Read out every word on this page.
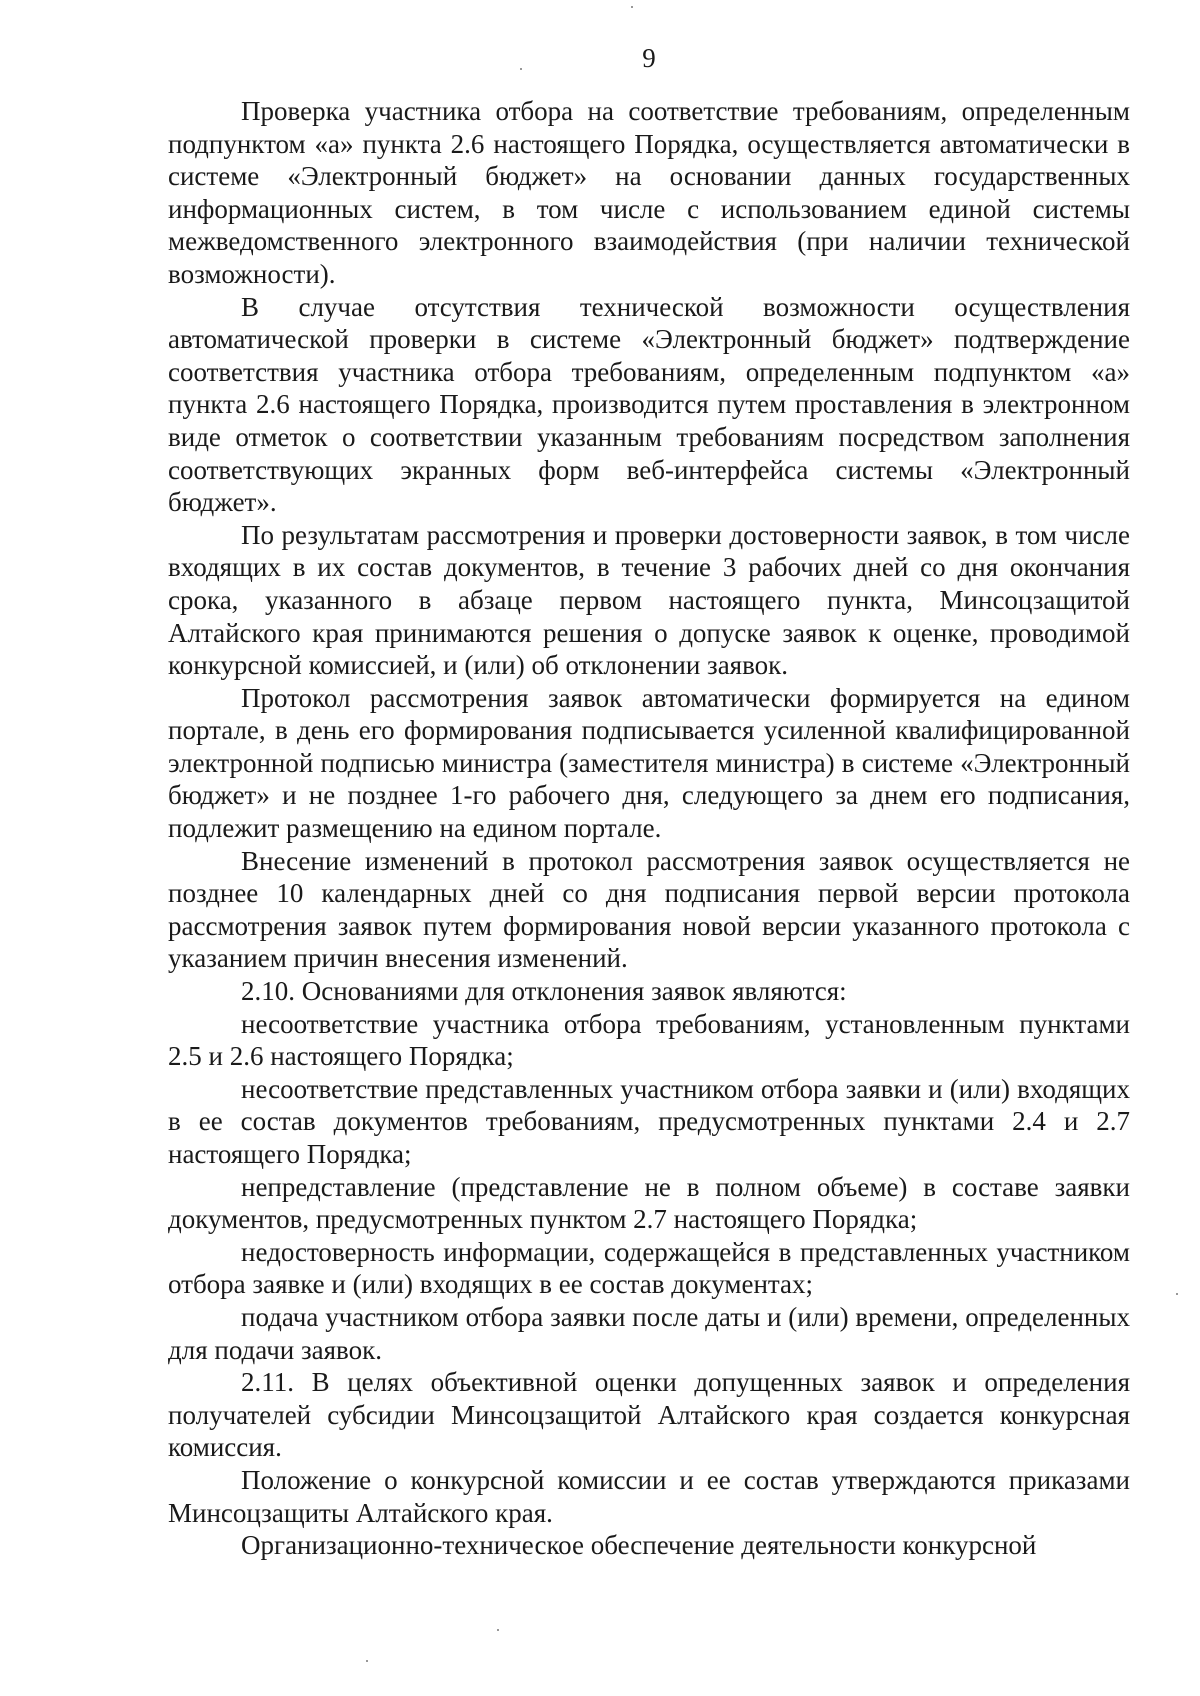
9

Проверка участника отбора на соответствие требованиям, определенным подпунктом «а» пункта 2.6 настоящего Порядка, осуществляется автоматически в системе «Электронный бюджет» на основании данных государственных информационных систем, в том числе с использованием единой системы межведомственного электронного взаимодействия (при наличии технической возможности).

В случае отсутствия технической возможности осуществления автоматической проверки в системе «Электронный бюджет» подтверждение соответствия участника отбора требованиям, определенным подпунктом «а» пункта 2.6 настоящего Порядка, производится путем проставления в электронном виде отметок о соответствии указанным требованиям посредством заполнения соответствующих экранных форм веб-интерфейса системы «Электронный бюджет».

По результатам рассмотрения и проверки достоверности заявок, в том числе входящих в их состав документов, в течение 3 рабочих дней со дня окончания срока, указанного в абзаце первом настоящего пункта, Минсоцзащитой Алтайского края принимаются решения о допуске заявок к оценке, проводимой конкурсной комиссией, и (или) об отклонении заявок.

Протокол рассмотрения заявок автоматически формируется на едином портале, в день его формирования подписывается усиленной квалифицированной электронной подписью министра (заместителя министра) в системе «Электронный бюджет» и не позднее 1-го рабочего дня, следующего за днем его подписания, подлежит размещению на едином портале.

Внесение изменений в протокол рассмотрения заявок осуществляется не позднее 10 календарных дней со дня подписания первой версии протокола рассмотрения заявок путем формирования новой версии указанного протокола с указанием причин внесения изменений.

2.10. Основаниями для отклонения заявок являются:

несоответствие участника отбора требованиям, установленным пунктами 2.5 и 2.6 настоящего Порядка;

несоответствие представленных участником отбора заявки и (или) входящих в ее состав документов требованиям, предусмотренных пунктами 2.4 и 2.7 настоящего Порядка;

непредставление (представление не в полном объеме) в составе заявки документов, предусмотренных пунктом 2.7 настоящего Порядка;

недостоверность информации, содержащейся в представленных участником отбора заявке и (или) входящих в ее состав документах;

подача участником отбора заявки после даты и (или) времени, определенных для подачи заявок.

2.11. В целях объективной оценки допущенных заявок и определения получателей субсидии Минсоцзащитой Алтайского края создается конкурсная комиссия.

Положение о конкурсной комиссии и ее состав утверждаются приказами Минсоцзащиты Алтайского края.

Организационно-техническое обеспечение деятельности конкурсной
